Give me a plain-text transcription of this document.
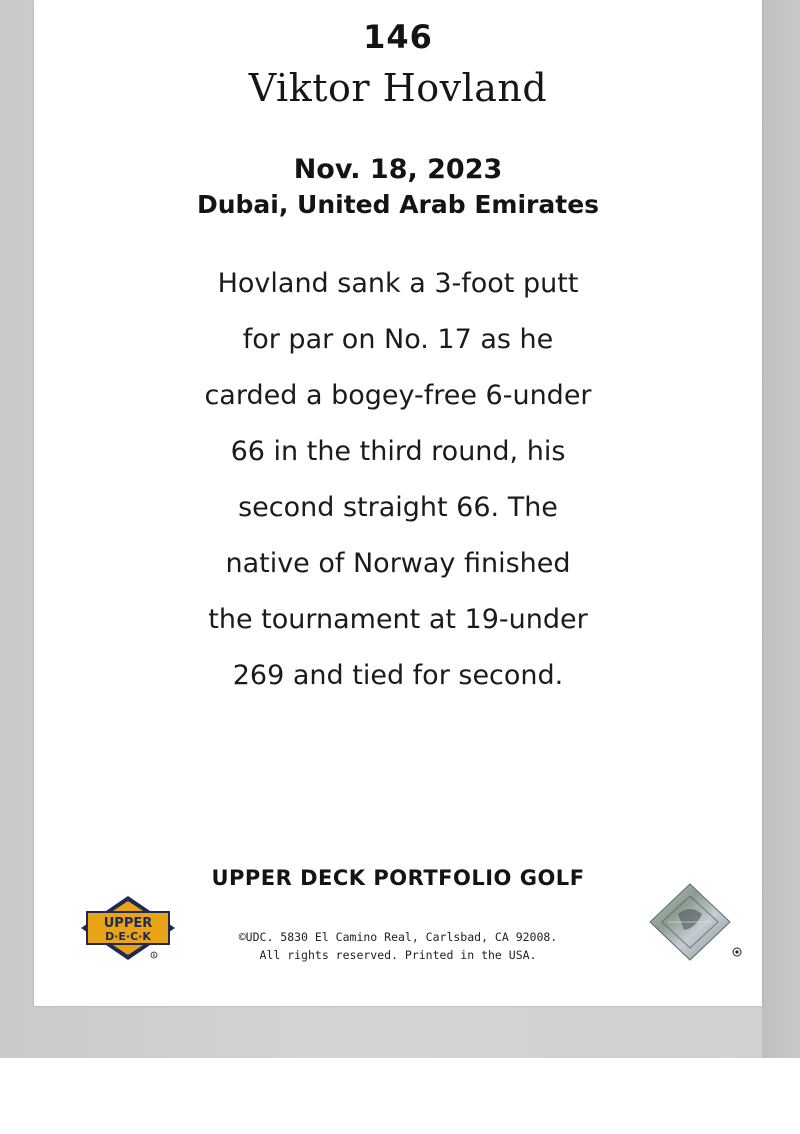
146
Viktor Hovland
Nov. 18, 2023
Dubai, United Arab Emirates
Hovland sank a 3-foot putt
for par on No. 17 as he
carded a bogey-free 6-under
66 in the third round, his
second straight 66. The
native of Norway finished
the tournament at 19-under
269 and tied for second.
UPPER DECK PORTFOLIO GOLF
©UDC. 5830 El Camino Real, Carlsbad, CA 92008.
All rights reserved. Printed in the USA.
UPPER
D·E·C·K
R
